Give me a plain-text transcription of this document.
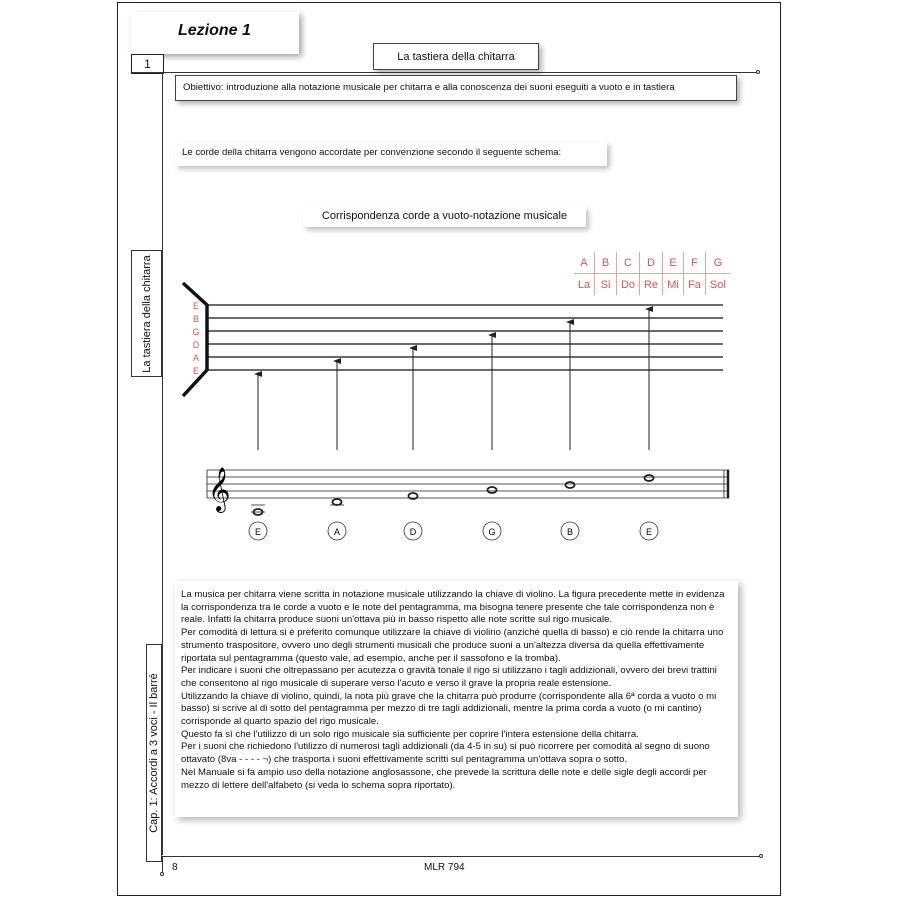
Lezione 1
1	La tastiera della chitarra
La tastiera della chitarra
Cap. 1: Accordi a 3 voci - Il barré
Obiettivo: introduzione alla notazione musicale per chitarra e alla conoscenza dei suoni eseguiti a vuoto e in tastiera
Le corde della chitarra vengono accordate per convenzione secondo il seguente schema:
Corrispondenza corde a vuoto-notazione musicale
A	B	C	D	E	F	G
La	Si	Do	Re	Mi	Fa	Sol
E
B
G
D
A
E
𝄞
E	A	D	G	B	E

La musica per chitarra viene scritta in notazione musicale utilizzando la chiave di violino. La figura precedente mette in evidenza la corrispondenza tra le corde a vuoto e le note del pentagramma, ma bisogna tenere presente che tale corrispondenza non è reale. Infatti la chitarra produce suoni un'ottava più in basso rispetto alle note scritte sul rigo musicale.

Per comodità di lettura si è preferito comunque utilizzare la chiave di violino (anziché quella di basso) e ciò rende la chitarra uno strumento traspositore, ovvero uno degli strumenti musicali che produce suoni a un'altezza diversa da quella effettivamente riportata sul pentagramma (questo vale, ad esempio, anche per il sassofono e la tromba).

Per indicare i suoni che oltrepassano per acutezza o gravità tonale il rigo si utilizzano i tagli addizionali, ovvero dei brevi trattini che consentono al rigo musicale di superare verso l'acuto e verso il grave la propria reale estensione.

Utilizzando la chiave di violino, quindi, la nota più grave che la chitarra può produrre (corrispondente alla 6ª corda a vuoto o mi basso) si scrive al di sotto del pentagramma per mezzo di tre tagli addizionali, mentre la prima corda a vuoto (o mi cantino) corrisponde al quarto spazio del rigo musicale.

Questo fa sì che l'utilizzo di un solo rigo musicale sia sufficiente per coprire l'intera estensione della chitarra.

Per i suoni che richiedono l'utilizzo di numerosi tagli addizionali (da 4-5 in su) si può ricorrere per comodità al segno di suono ottavato (8va - - - - ¬) che trasporta i suoni effettivamente scritti sul pentagramma un'ottava sopra o sotto.

Nel Manuale si fa ampio uso della notazione anglosassone, che prevede la scrittura delle note e delle sigle degli accordi per mezzo di lettere dell'alfabeto (si veda lo schema sopra riportato).

8	MLR 794
